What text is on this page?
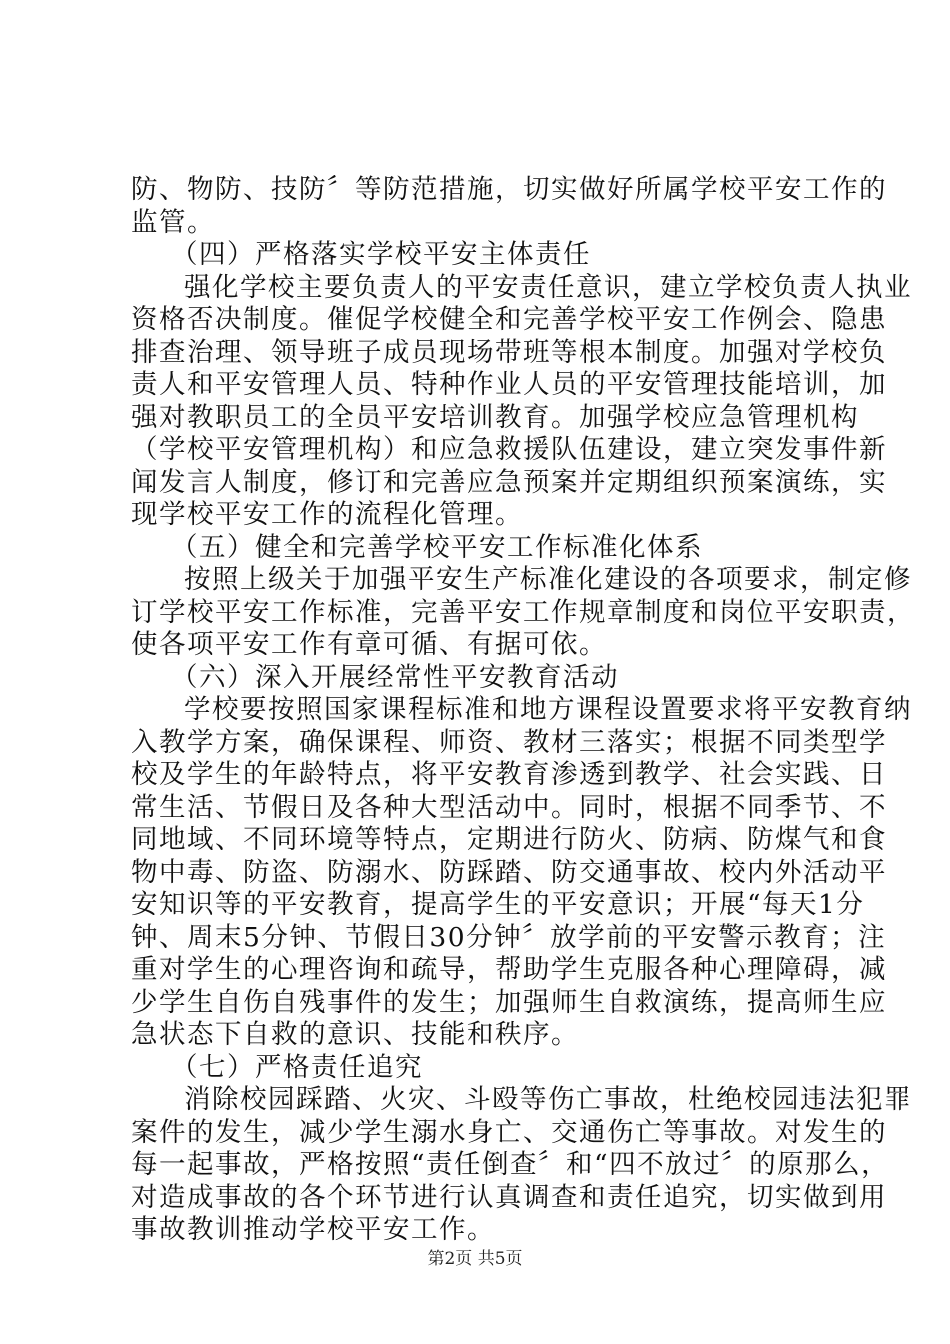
防、物防、技防〞等防范措施，切实做好所属学校平安工作的
监管。
（四）严格落实学校平安主体责任
强化学校主要负责人的平安责任意识，建立学校负责人执业
资格否决制度。催促学校健全和完善学校平安工作例会、隐患
排查治理、领导班子成员现场带班等根本制度。加强对学校负
责人和平安管理人员、特种作业人员的平安管理技能培训，加
强对教职员工的全员平安培训教育。加强学校应急管理机构
（学校平安管理机构）和应急救援队伍建设，建立突发事件新
闻发言人制度，修订和完善应急预案并定期组织预案演练，实
现学校平安工作的流程化管理。
（五）健全和完善学校平安工作标准化体系
按照上级关于加强平安生产标准化建设的各项要求，制定修
订学校平安工作标准，完善平安工作规章制度和岗位平安职责，
使各项平安工作有章可循、有据可依。
（六）深入开展经常性平安教育活动
学校要按照国家课程标准和地方课程设置要求将平安教育纳
入教学方案，确保课程、师资、教材三落实；根据不同类型学
校及学生的年龄特点，将平安教育渗透到教学、社会实践、日
常生活、节假日及各种大型活动中。同时，根据不同季节、不
同地域、不同环境等特点，定期进行防火、防病、防煤气和食
物中毒、防盗、防溺水、防踩踏、防交通事故、校内外活动平
安知识等的平安教育，提高学生的平安意识；开展“每天1分
钟、周末5分钟、节假日30分钟〞放学前的平安警示教育；注
重对学生的心理咨询和疏导，帮助学生克服各种心理障碍，减
少学生自伤自残事件的发生；加强师生自救演练，提高师生应
急状态下自救的意识、技能和秩序。
（七）严格责任追究
消除校园踩踏、火灾、斗殴等伤亡事故，杜绝校园违法犯罪
案件的发生，减少学生溺水身亡、交通伤亡等事故。对发生的
每一起事故，严格按照“责任倒查〞和“四不放过〞的原那么，
对造成事故的各个环节进行认真调查和责任追究，切实做到用
事故教训推动学校平安工作。
第2页 共5页
